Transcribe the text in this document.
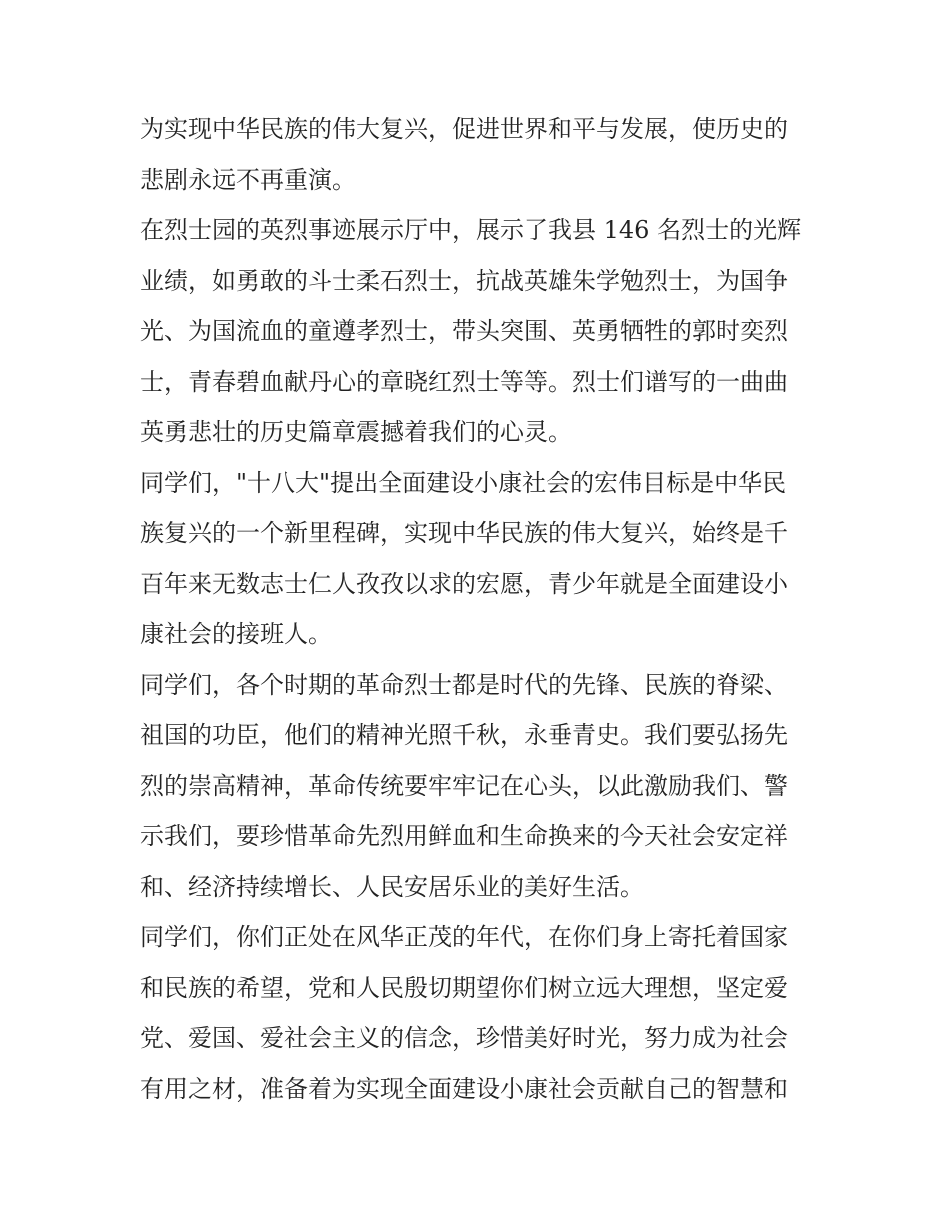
为实现中华民族的伟大复兴，促进世界和平与发展，使历史的
悲剧永远不再重演。
在烈士园的英烈事迹展示厅中，展示了我县 146 名烈士的光辉
业绩，如勇敢的斗士柔石烈士，抗战英雄朱学勉烈士，为国争
光、为国流血的童遵孝烈士，带头突围、英勇牺牲的郭时奕烈
士，青春碧血献丹心的章晓红烈士等等。烈士们谱写的一曲曲
英勇悲壮的历史篇章震撼着我们的心灵。
同学们，"十八大"提出全面建设小康社会的宏伟目标是中华民
族复兴的一个新里程碑，实现中华民族的伟大复兴，始终是千
百年来无数志士仁人孜孜以求的宏愿，青少年就是全面建设小
康社会的接班人。
同学们，各个时期的革命烈士都是时代的先锋、民族的脊梁、
祖国的功臣，他们的精神光照千秋，永垂青史。我们要弘扬先
烈的崇高精神，革命传统要牢牢记在心头，以此激励我们、警
示我们，要珍惜革命先烈用鲜血和生命换来的今天社会安定祥
和、经济持续增长、人民安居乐业的美好生活。
同学们，你们正处在风华正茂的年代，在你们身上寄托着国家
和民族的希望，党和人民殷切期望你们树立远大理想，坚定爱
党、爱国、爱社会主义的信念，珍惜美好时光，努力成为社会
有用之材，准备着为实现全面建设小康社会贡献自己的智慧和
